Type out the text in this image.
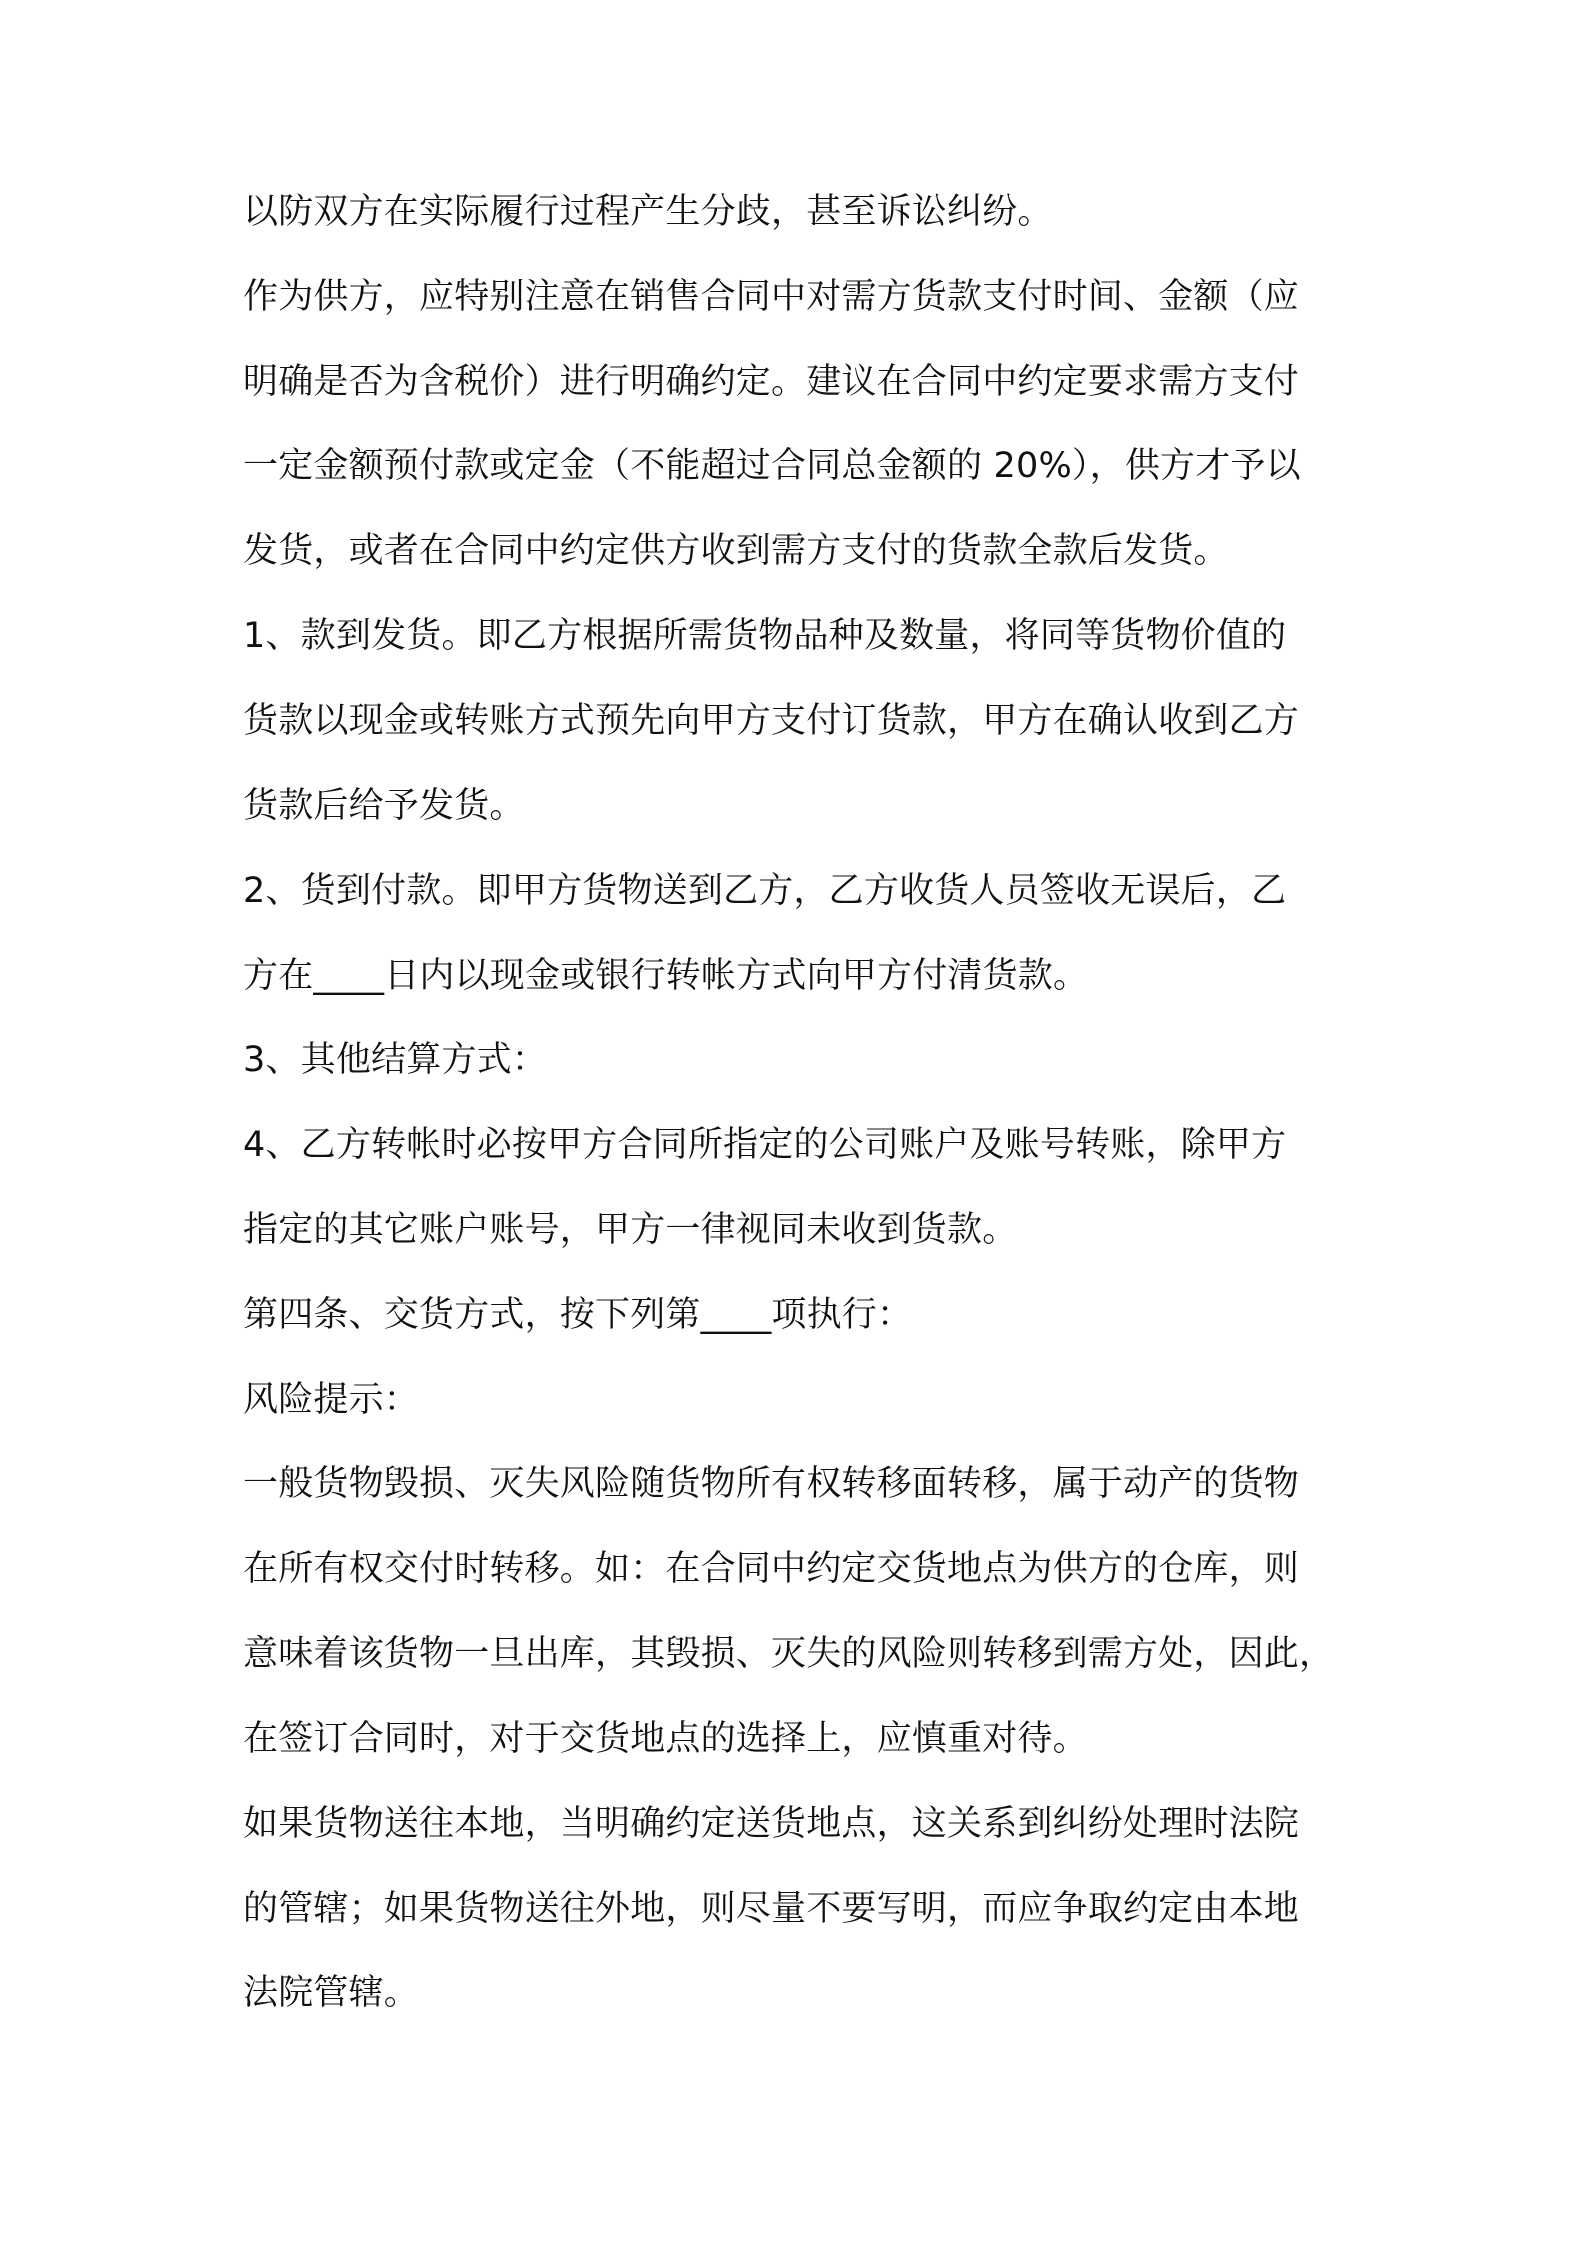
以防双方在实际履行过程产生分歧，甚至诉讼纠纷。
作为供方，应特别注意在销售合同中对需方货款支付时间、金额（应
明确是否为含税价）进行明确约定。建议在合同中约定要求需方支付
一定金额预付款或定金（不能超过合同总金额的 20%），供方才予以
发货，或者在合同中约定供方收到需方支付的货款全款后发货。
1、款到发货。即乙方根据所需货物品种及数量，将同等货物价值的
货款以现金或转账方式预先向甲方支付订货款，甲方在确认收到乙方
货款后给予发货。
2、货到付款。即甲方货物送到乙方，乙方收货人员签收无误后，乙
方在____日内以现金或银行转帐方式向甲方付清货款。
3、其他结算方式：
4、乙方转帐时必按甲方合同所指定的公司账户及账号转账，除甲方
指定的其它账户账号，甲方一律视同未收到货款。
第四条、交货方式，按下列第____项执行：
风险提示：
一般货物毁损、灭失风险随货物所有权转移面转移，属于动产的货物
在所有权交付时转移。如：在合同中约定交货地点为供方的仓库，则
意味着该货物一旦出库，其毁损、灭失的风险则转移到需方处，因此，
在签订合同时，对于交货地点的选择上，应慎重对待。
如果货物送往本地，当明确约定送货地点，这关系到纠纷处理时法院
的管辖；如果货物送往外地，则尽量不要写明，而应争取约定由本地
法院管辖。
